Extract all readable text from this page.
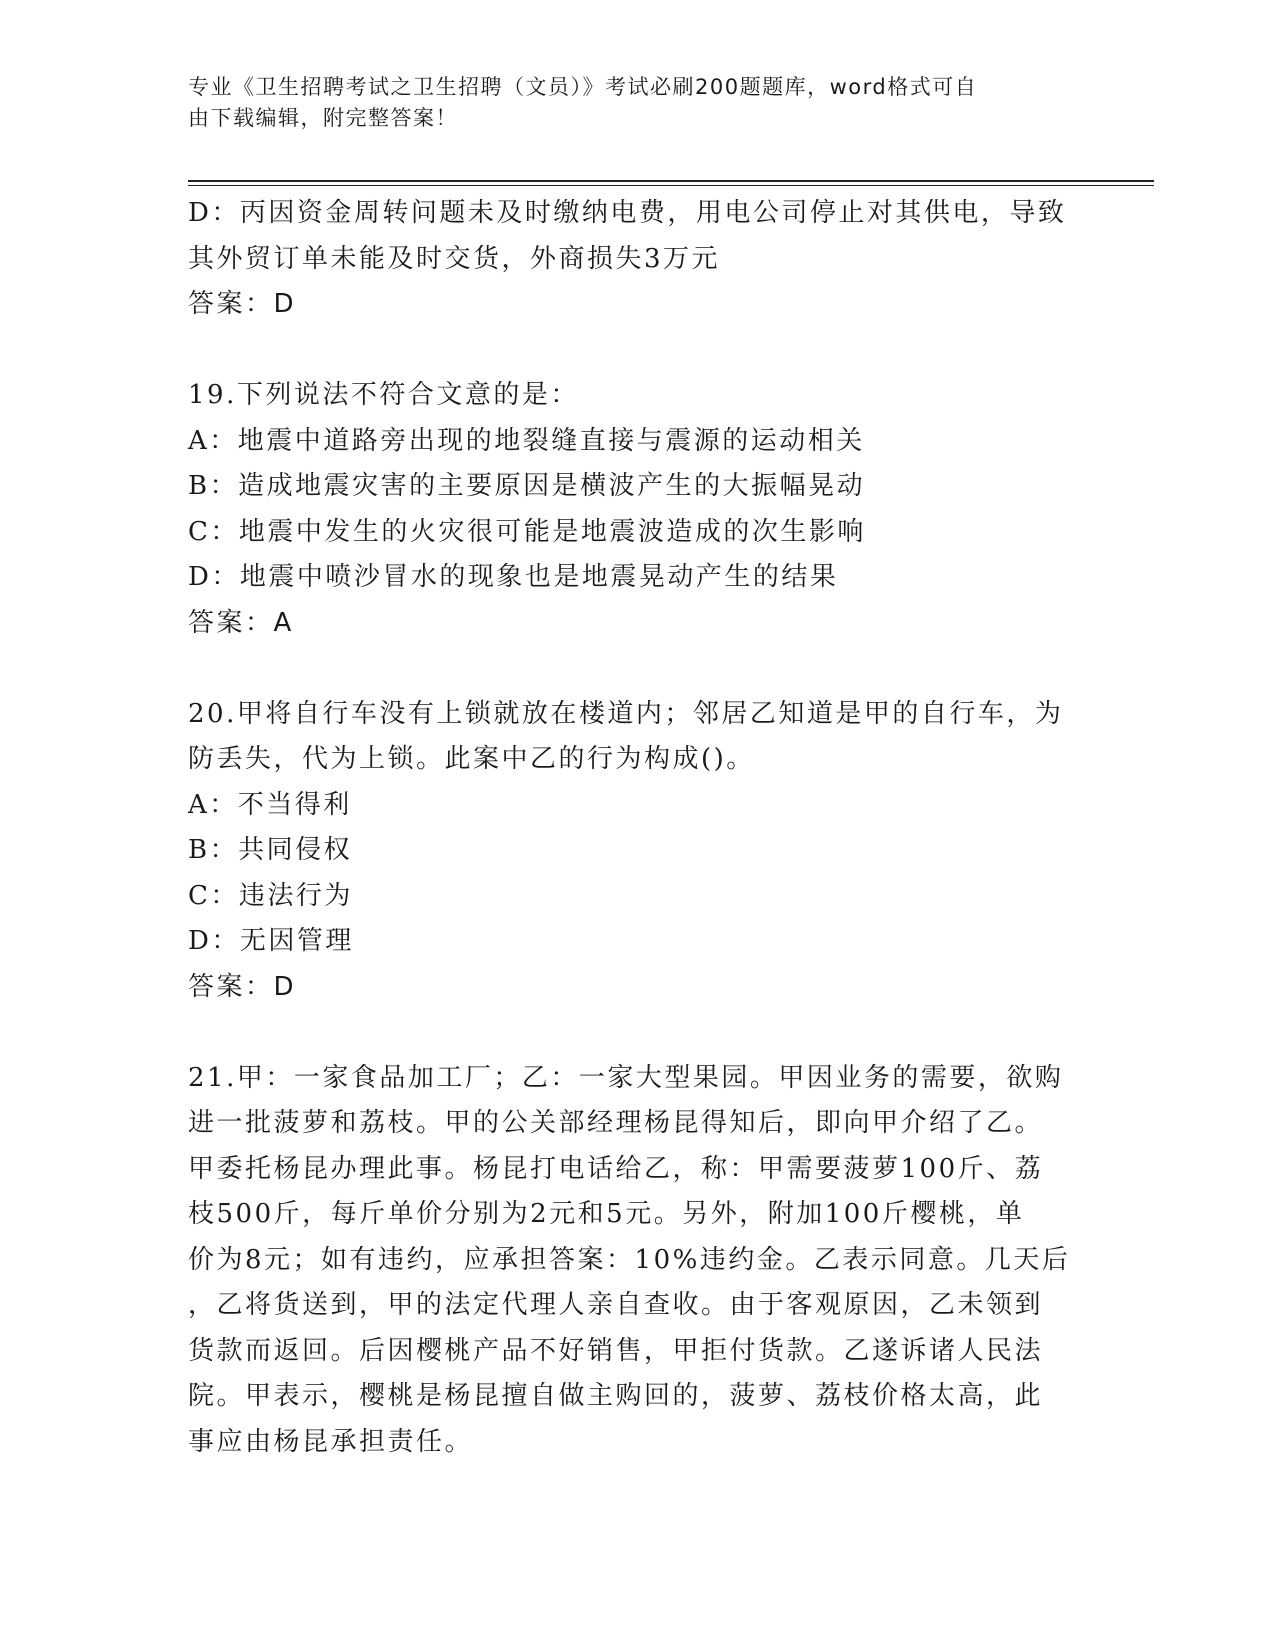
专业《卫生招聘考试之卫生招聘（文员）》考试必刷200题题库，word格式可自
由下载编辑，附完整答案！
D：丙因资金周转问题未及时缴纳电费，用电公司停止对其供电，导致
其外贸订单未能及时交货，外商损失3万元
答案：D
19.下列说法不符合文意的是：
A：地震中道路旁出现的地裂缝直接与震源的运动相关
B：造成地震灾害的主要原因是横波产生的大振幅晃动
C：地震中发生的火灾很可能是地震波造成的次生影响
D：地震中喷沙冒水的现象也是地震晃动产生的结果
答案：A
20.甲将自行车没有上锁就放在楼道内；邻居乙知道是甲的自行车，为
防丢失，代为上锁。此案中乙的行为构成()。
A：不当得利
B：共同侵权
C：违法行为
D：无因管理
答案：D
21.甲：一家食品加工厂；乙：一家大型果园。甲因业务的需要，欲购
进一批菠萝和荔枝。甲的公关部经理杨昆得知后，即向甲介绍了乙。
甲委托杨昆办理此事。杨昆打电话给乙，称：甲需要菠萝100斤、荔
枝500斤，每斤单价分别为2元和5元。另外，附加100斤樱桃，单
价为8元；如有违约，应承担答案：10%违约金。乙表示同意。几天后
，乙将货送到，甲的法定代理人亲自查收。由于客观原因，乙未领到
货款而返回。后因樱桃产品不好销售，甲拒付货款。乙遂诉诸人民法
院。甲表示，樱桃是杨昆擅自做主购回的，菠萝、荔枝价格太高，此
事应由杨昆承担责任。
